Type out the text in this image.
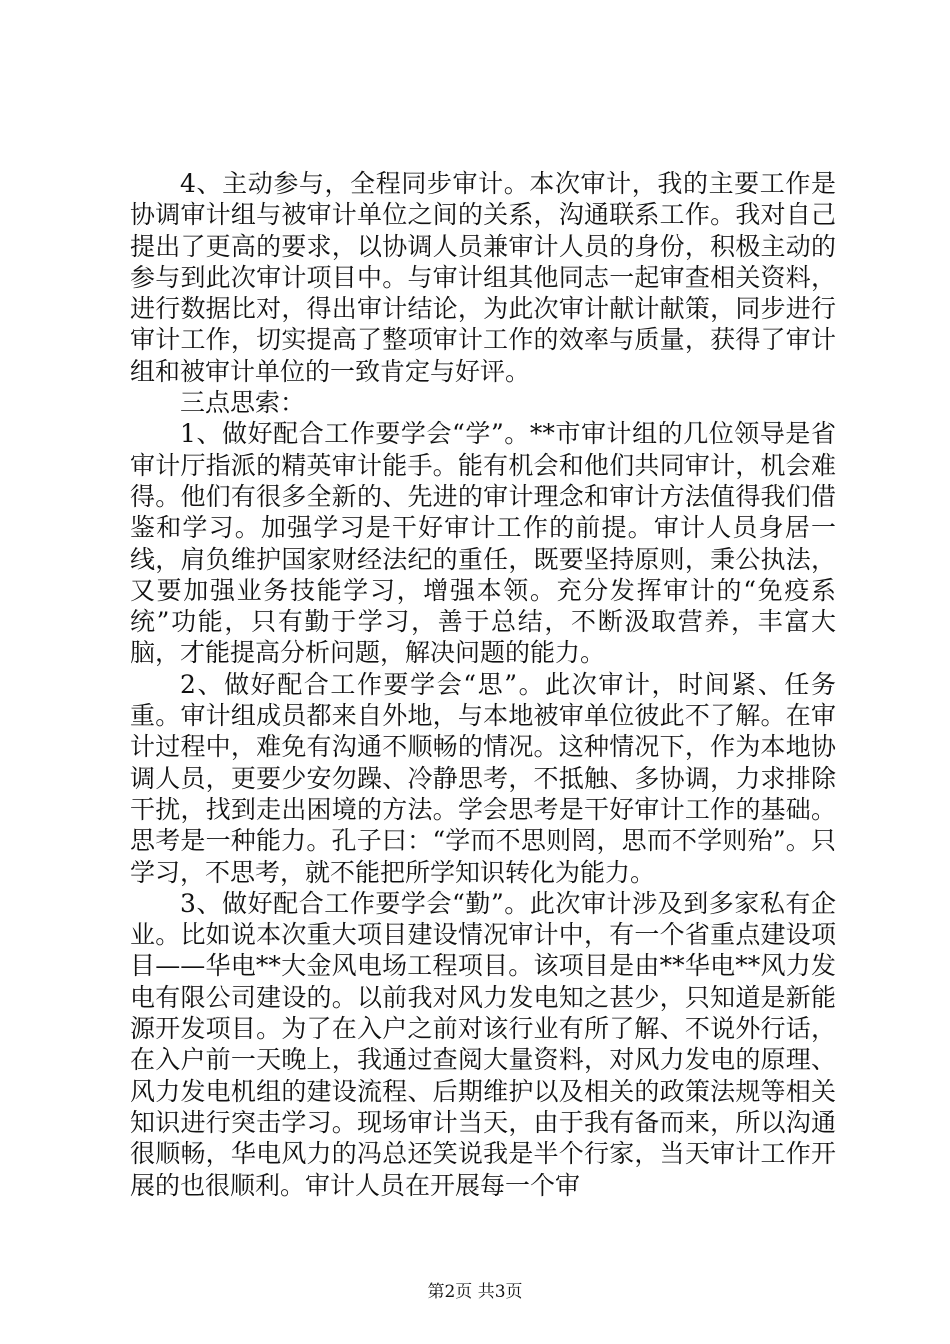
4、主动参与，全程同步审计。本次审计，我的主要工作是协调审计组与被审计单位之间的关系，沟通联系工作。我对自己提出了更高的要求，以协调人员兼审计人员的身份，积极主动的参与到此次审计项目中。与审计组其他同志一起审查相关资料，进行数据比对，得出审计结论，为此次审计献计献策，同步进行审计工作，切实提高了整项审计工作的效率与质量，获得了审计组和被审计单位的一致肯定与好评。

三点思索：

1、做好配合工作要学会“学”。**市审计组的几位领导是省审计厅指派的精英审计能手。能有机会和他们共同审计，机会难得。他们有很多全新的、先进的审计理念和审计方法值得我们借鉴和学习。加强学习是干好审计工作的前提。审计人员身居一线，肩负维护国家财经法纪的重任，既要坚持原则，秉公执法，又要加强业务技能学习，增强本领。充分发挥审计的“免疫系统”功能，只有勤于学习，善于总结，不断汲取营养，丰富大脑，才能提高分析问题，解决问题的能力。

2、做好配合工作要学会“思”。此次审计，时间紧、任务重。审计组成员都来自外地，与本地被审单位彼此不了解。在审计过程中，难免有沟通不顺畅的情况。这种情况下，作为本地协调人员，更要少安勿躁、冷静思考，不抵触、多协调，力求排除干扰，找到走出困境的方法。学会思考是干好审计工作的基础。思考是一种能力。孔子曰：“学而不思则罔，思而不学则殆”。只学习，不思考，就不能把所学知识转化为能力。

3、做好配合工作要学会“勤”。此次审计涉及到多家私有企业。比如说本次重大项目建设情况审计中，有一个省重点建设项目——华电**大金风电场工程项目。该项目是由**华电**风力发电有限公司建设的。以前我对风力发电知之甚少，只知道是新能源开发项目。为了在入户之前对该行业有所了解、不说外行话，在入户前一天晚上，我通过查阅大量资料，对风力发电的原理、风力发电机组的建设流程、后期维护以及相关的政策法规等相关知识进行突击学习。现场审计当天，由于我有备而来，所以沟通很顺畅，华电风力的冯总还笑说我是半个行家，当天审计工作开展的也很顺利。审计人员在开展每一个审

第2页 共3页
